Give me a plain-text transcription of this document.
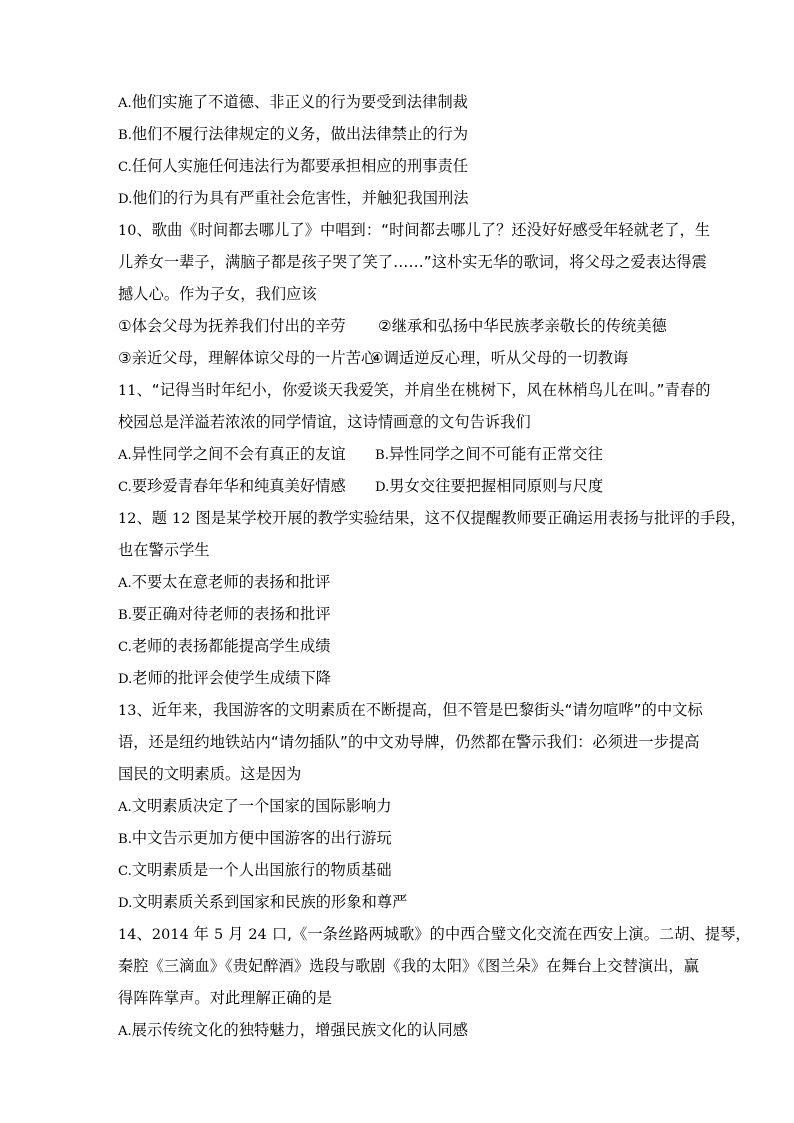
A.他们实施了不道德、非正义的行为要受到法律制裁
B.他们不履行法律规定的义务，做出法律禁止的行为
C.任何人实施任何违法行为都要承担相应的刑事责任
D.他们的行为具有严重社会危害性，并触犯我国刑法
10、歌曲《时间都去哪儿了》中唱到：“时间都去哪儿了？还没好好感受年轻就老了，生
儿养女一辈子，满脑子都是孩子哭了笑了……”这朴实无华的歌词，将父母之爱表达得震
撼人心。作为子女，我们应该
①体会父母为抚养我们付出的辛劳 ②继承和弘扬中华民族孝亲敬长的传统美德
③亲近父母，理解体谅父母的一片苦心④调适逆反心理，听从父母的一切教诲
11、“记得当时年纪小，你爱谈天我爱笑，并肩坐在桃树下，风在林梢鸟儿在叫。”青春的
校园总是洋溢若浓浓的同学情谊，这诗情画意的文句告诉我们
A.异性同学之间不会有真正的友谊 B.异性同学之间不可能有正常交往
C.要珍爱青春年华和纯真美好情感 D.男女交往要把握相同原则与尺度
12、题 12 图是某学校开展的教学实验结果，这不仅提醒教师要正确运用表扬与批评的手段，
也在警示学生
A.不要太在意老师的表扬和批评
B.要正确对待老师的表扬和批评
C.老师的表扬都能提高学生成绩
D.老师的批评会使学生成绩下降
13、近年来，我国游客的文明素质在不断提高，但不管是巴黎街头“请勿喧哗”的中文标
语，还是纽约地铁站内“请勿插队”的中文劝导牌，仍然都在警示我们：必须进一步提高
国民的文明素质。这是因为
A.文明素质决定了一个国家的国际影响力
B.中文告示更加方便中国游客的出行游玩
C.文明素质是一个人出国旅行的物质基础
D.文明素质关系到国家和民族的形象和尊严
14、2014 年 5 月 24 口,《一条丝路两城歌》的中西合璧文化交流在西安上演。二胡、提琴，
秦腔《三滴血》《贵妃醉酒》选段与歌剧《我的太阳》《图兰朵》在舞台上交替演出，赢
得阵阵掌声。对此理解正确的是
A.展示传统文化的独特魅力，增强民族文化的认同感
